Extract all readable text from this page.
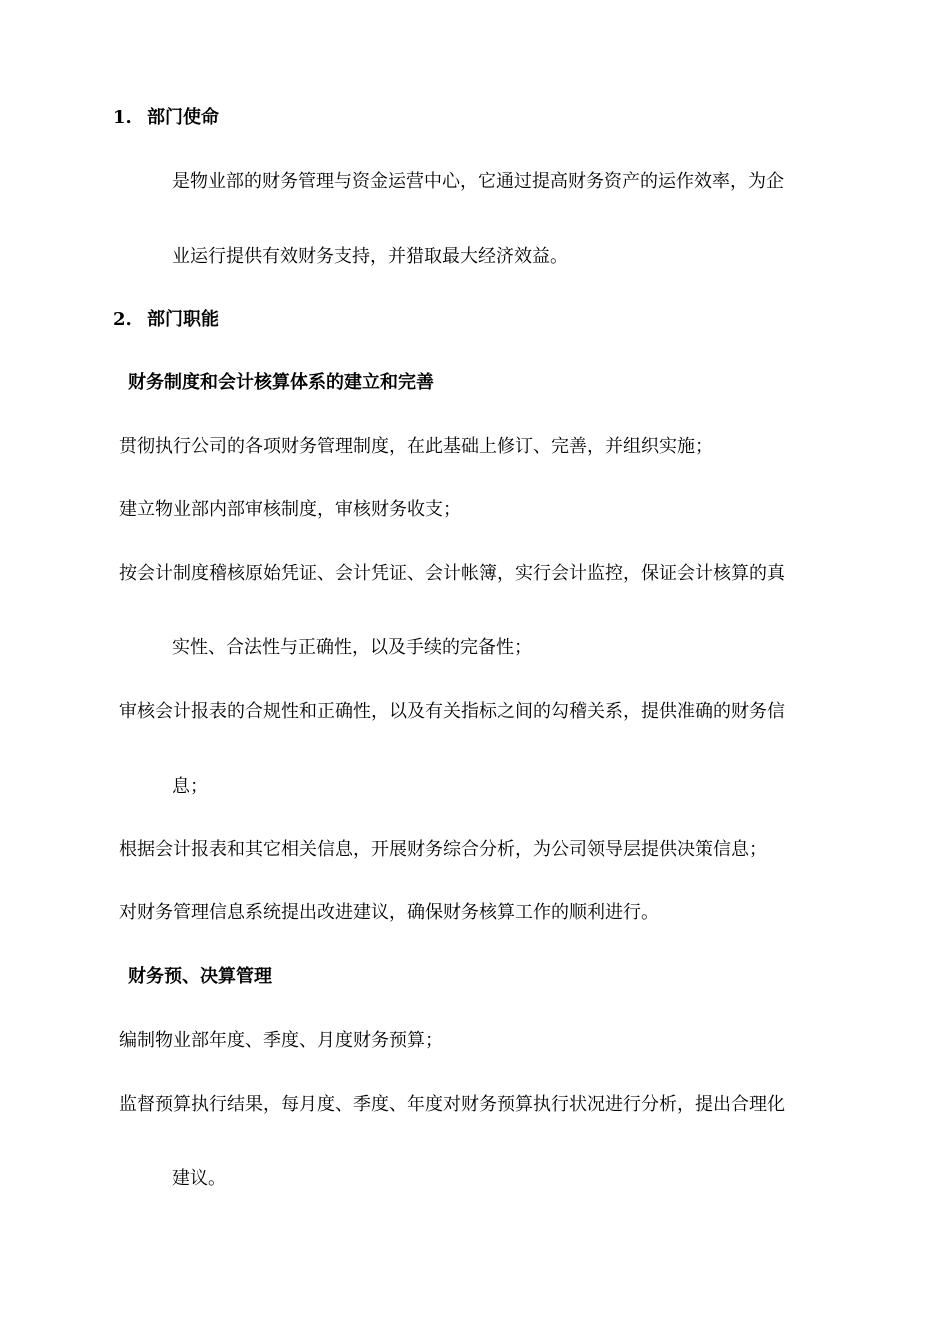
1. 部门使命
是物业部的财务管理与资金运营中心，它通过提高财务资产的运作效率，为企
业运行提供有效财务支持，并猎取最大经济效益。
2. 部门职能
财务制度和会计核算体系的建立和完善
贯彻执行公司的各项财务管理制度，在此基础上修订、完善，并组织实施；
建立物业部内部审核制度，审核财务收支；
按会计制度稽核原始凭证、会计凭证、会计帐簿，实行会计监控，保证会计核算的真
实性、合法性与正确性，以及手续的完备性；
审核会计报表的合规性和正确性，以及有关指标之间的勾稽关系，提供准确的财务信
息；
根据会计报表和其它相关信息，开展财务综合分析，为公司领导层提供决策信息；
对财务管理信息系统提出改进建议，确保财务核算工作的顺利进行。
财务预、决算管理
编制物业部年度、季度、月度财务预算；
监督预算执行结果，每月度、季度、年度对财务预算执行状况进行分析，提出合理化
建议。
